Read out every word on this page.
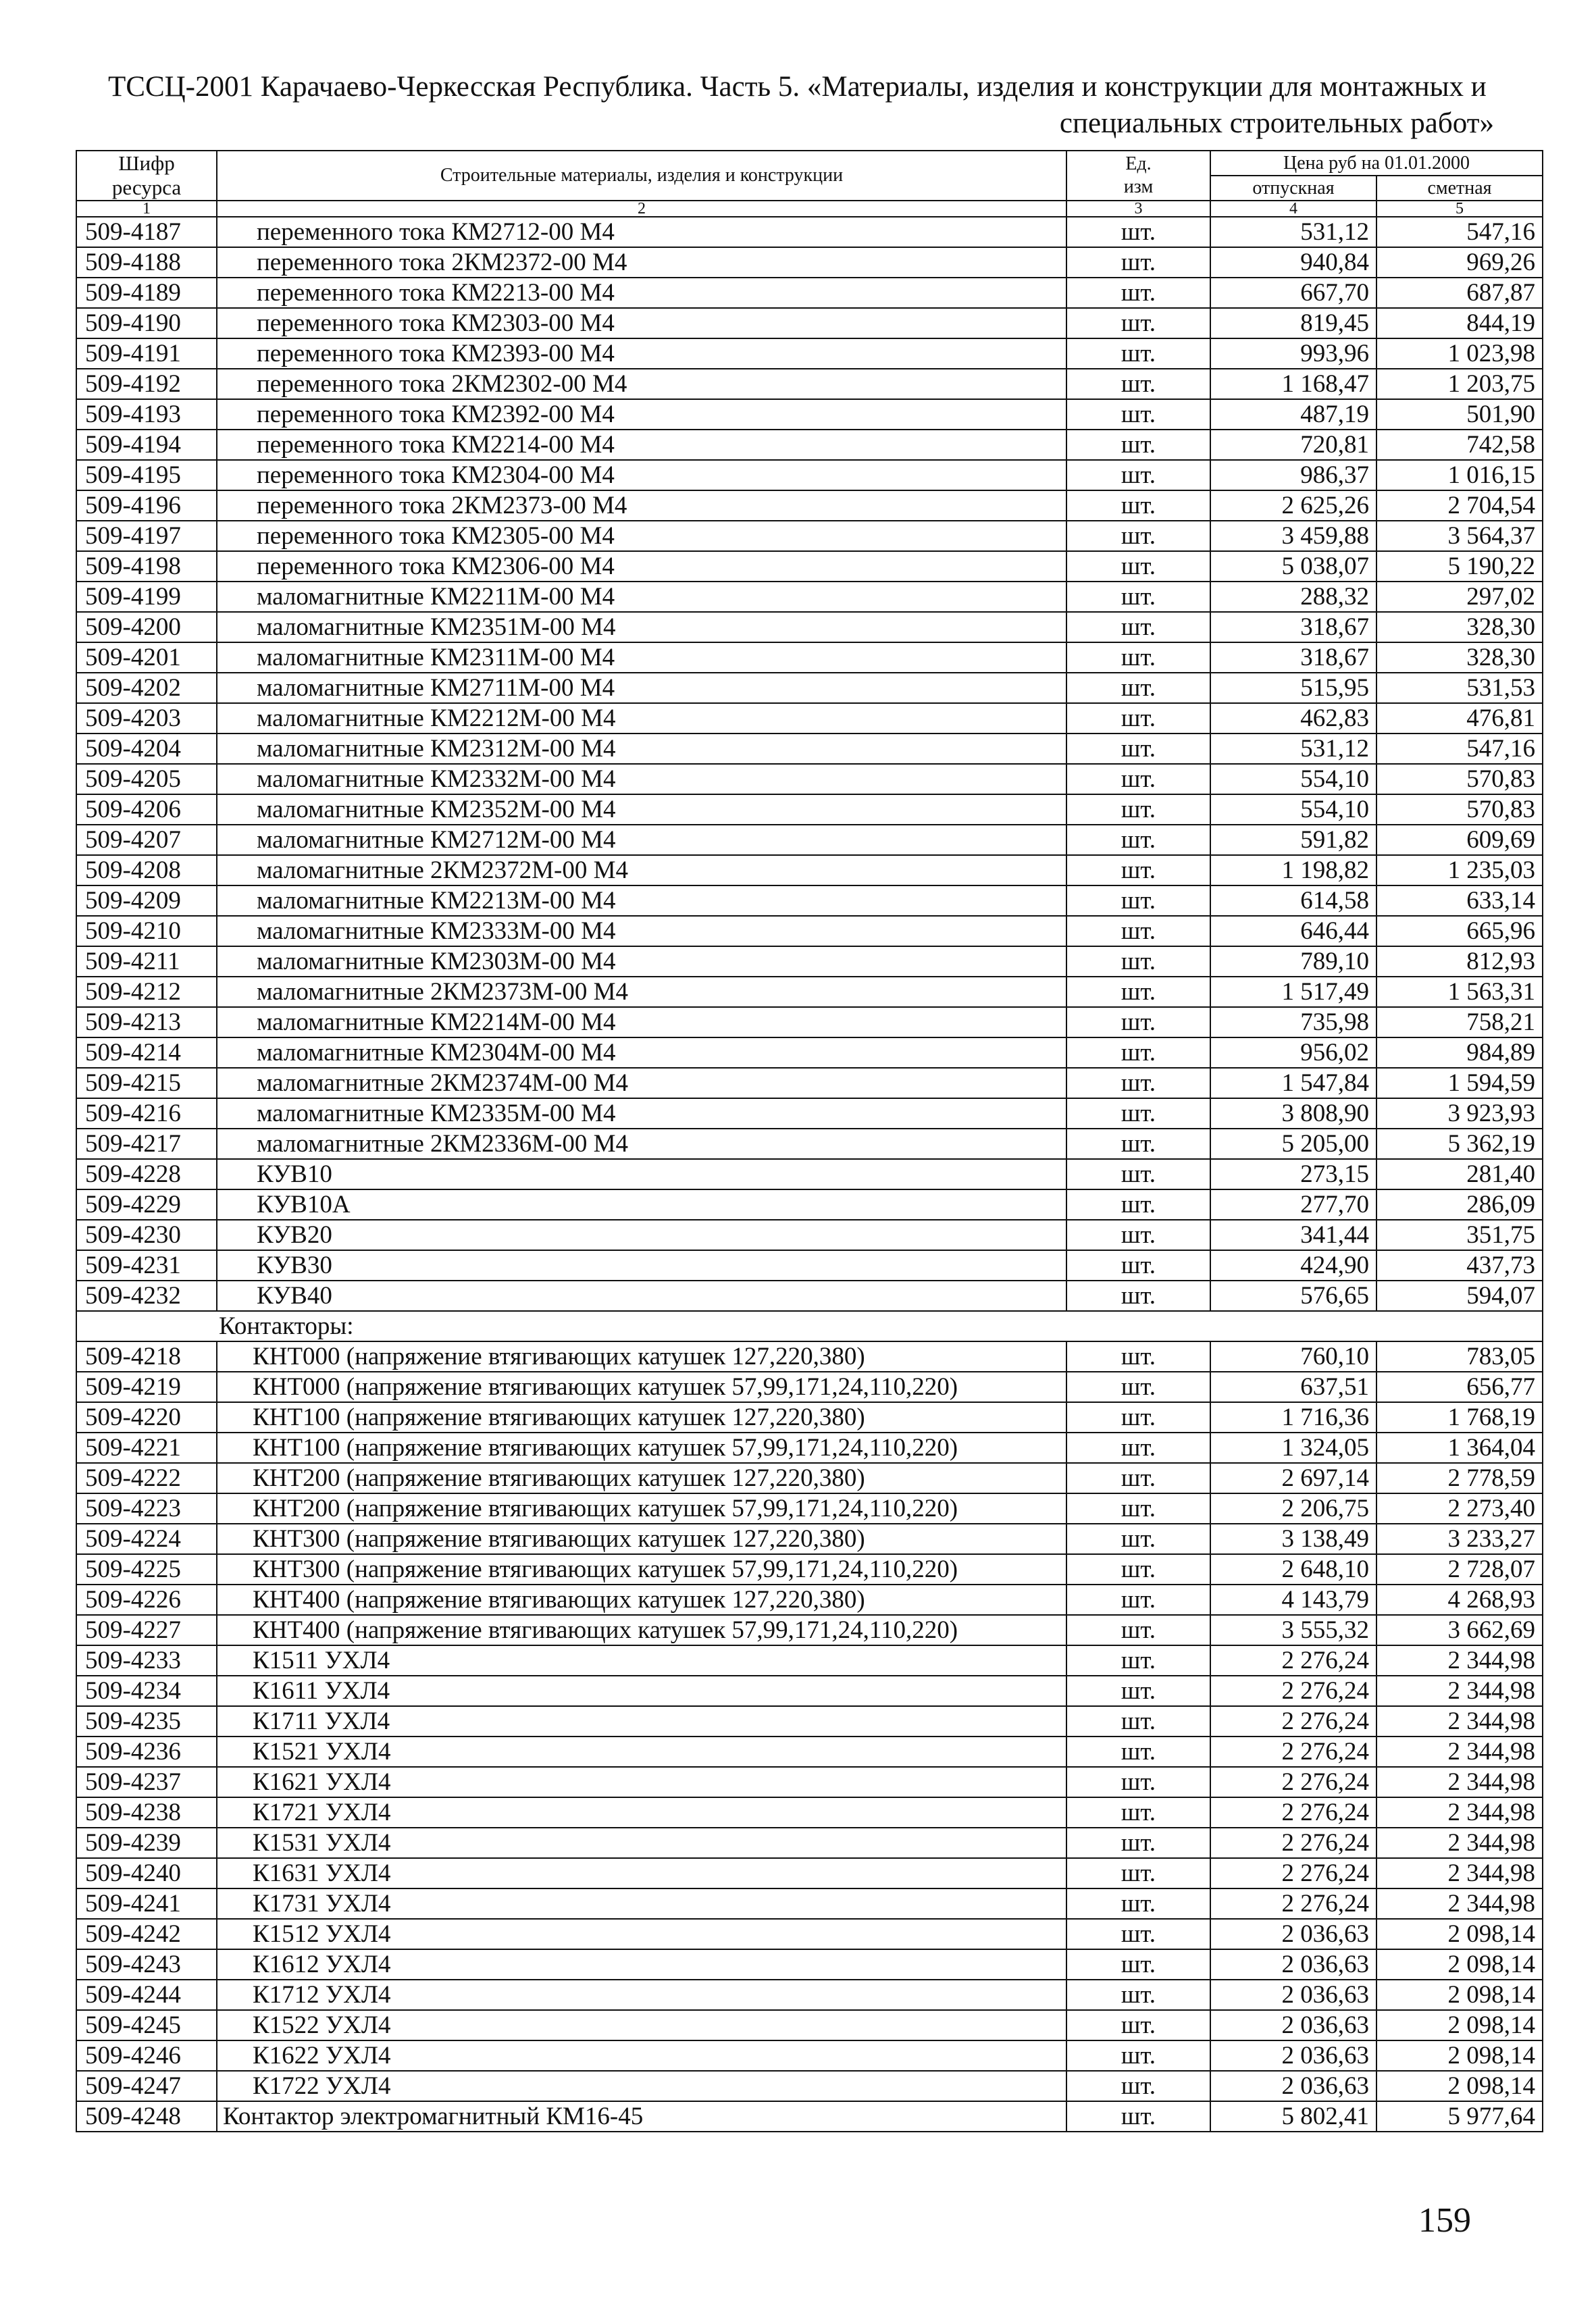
ТССЦ-2001 Карачаево-Черкесская Республика. Часть 5. «Материалы, изделия и конструкции для монтажных и
специальных строительных работ»
Шифр
ресурса	Строительные материалы, изделия и конструкции	Ед.
изм	Цена руб на 01.01.2000	
			отпускная	сметная
1	2	3	4	5
509-4187	переменного тока КМ2712-00 М4	шт.	531,12	547,16
509-4188	переменного тока 2КМ2372-00 М4	шт.	940,84	969,26
509-4189	переменного тока КМ2213-00 М4	шт.	667,70	687,87
509-4190	переменного тока КМ2303-00 М4	шт.	819,45	844,19
509-4191	переменного тока КМ2393-00 М4	шт.	993,96	1 023,98
509-4192	переменного тока 2КМ2302-00 М4	шт.	1 168,47	1 203,75
509-4193	переменного тока КМ2392-00 М4	шт.	487,19	501,90
509-4194	переменного тока КМ2214-00 М4	шт.	720,81	742,58
509-4195	переменного тока КМ2304-00 М4	шт.	986,37	1 016,15
509-4196	переменного тока 2КМ2373-00 М4	шт.	2 625,26	2 704,54
509-4197	переменного тока КМ2305-00 М4	шт.	3 459,88	3 564,37
509-4198	переменного тока КМ2306-00 М4	шт.	5 038,07	5 190,22
509-4199	маломагнитные КМ2211М-00 М4	шт.	288,32	297,02
509-4200	маломагнитные КМ2351М-00 М4	шт.	318,67	328,30
509-4201	маломагнитные КМ2311М-00 М4	шт.	318,67	328,30
509-4202	маломагнитные КМ2711М-00 М4	шт.	515,95	531,53
509-4203	маломагнитные КМ2212М-00 М4	шт.	462,83	476,81
509-4204	маломагнитные КМ2312М-00 М4	шт.	531,12	547,16
509-4205	маломагнитные КМ2332М-00 М4	шт.	554,10	570,83
509-4206	маломагнитные КМ2352М-00 М4	шт.	554,10	570,83
509-4207	маломагнитные КМ2712М-00 М4	шт.	591,82	609,69
509-4208	маломагнитные 2КМ2372М-00 М4	шт.	1 198,82	1 235,03
509-4209	маломагнитные КМ2213М-00 М4	шт.	614,58	633,14
509-4210	маломагнитные КМ2333М-00 М4	шт.	646,44	665,96
509-4211	маломагнитные КМ2303М-00 М4	шт.	789,10	812,93
509-4212	маломагнитные 2КМ2373М-00 М4	шт.	1 517,49	1 563,31
509-4213	маломагнитные КМ2214М-00 М4	шт.	735,98	758,21
509-4214	маломагнитные КМ2304М-00 М4	шт.	956,02	984,89
509-4215	маломагнитные 2КМ2374М-00 М4	шт.	1 547,84	1 594,59
509-4216	маломагнитные КМ2335М-00 М4	шт.	3 808,90	3 923,93
509-4217	маломагнитные 2КМ2336М-00 М4	шт.	5 205,00	5 362,19
509-4228	КУВ10	шт.	273,15	281,40
509-4229	КУВ10А	шт.	277,70	286,09
509-4230	КУВ20	шт.	341,44	351,75
509-4231	КУВ30	шт.	424,90	437,73
509-4232	КУВ40	шт.	576,65	594,07
Контакторы:				
509-4218	КНТ000 (напряжение втягивающих катушек 127,220,380)	шт.	760,10	783,05
509-4219	КНТ000 (напряжение втягивающих катушек 57,99,171,24,110,220)	шт.	637,51	656,77
509-4220	КНТ100 (напряжение втягивающих катушек 127,220,380)	шт.	1 716,36	1 768,19
509-4221	КНТ100 (напряжение втягивающих катушек 57,99,171,24,110,220)	шт.	1 324,05	1 364,04
509-4222	КНТ200 (напряжение втягивающих катушек 127,220,380)	шт.	2 697,14	2 778,59
509-4223	КНТ200 (напряжение втягивающих катушек 57,99,171,24,110,220)	шт.	2 206,75	2 273,40
509-4224	КНТ300 (напряжение втягивающих катушек 127,220,380)	шт.	3 138,49	3 233,27
509-4225	КНТ300 (напряжение втягивающих катушек 57,99,171,24,110,220)	шт.	2 648,10	2 728,07
509-4226	КНТ400 (напряжение втягивающих катушек 127,220,380)	шт.	4 143,79	4 268,93
509-4227	КНТ400 (напряжение втягивающих катушек 57,99,171,24,110,220)	шт.	3 555,32	3 662,69
509-4233	К1511 УХЛ4	шт.	2 276,24	2 344,98
509-4234	К1611 УХЛ4	шт.	2 276,24	2 344,98
509-4235	К1711 УХЛ4	шт.	2 276,24	2 344,98
509-4236	К1521 УХЛ4	шт.	2 276,24	2 344,98
509-4237	К1621 УХЛ4	шт.	2 276,24	2 344,98
509-4238	К1721 УХЛ4	шт.	2 276,24	2 344,98
509-4239	К1531 УХЛ4	шт.	2 276,24	2 344,98
509-4240	К1631 УХЛ4	шт.	2 276,24	2 344,98
509-4241	К1731 УХЛ4	шт.	2 276,24	2 344,98
509-4242	К1512 УХЛ4	шт.	2 036,63	2 098,14
509-4243	К1612 УХЛ4	шт.	2 036,63	2 098,14
509-4244	К1712 УХЛ4	шт.	2 036,63	2 098,14
509-4245	К1522 УХЛ4	шт.	2 036,63	2 098,14
509-4246	К1622 УХЛ4	шт.	2 036,63	2 098,14
509-4247	К1722 УХЛ4	шт.	2 036,63	2 098,14
509-4248	Контактор электромагнитный КМ16-45	шт.	5 802,41	5 977,64
159
